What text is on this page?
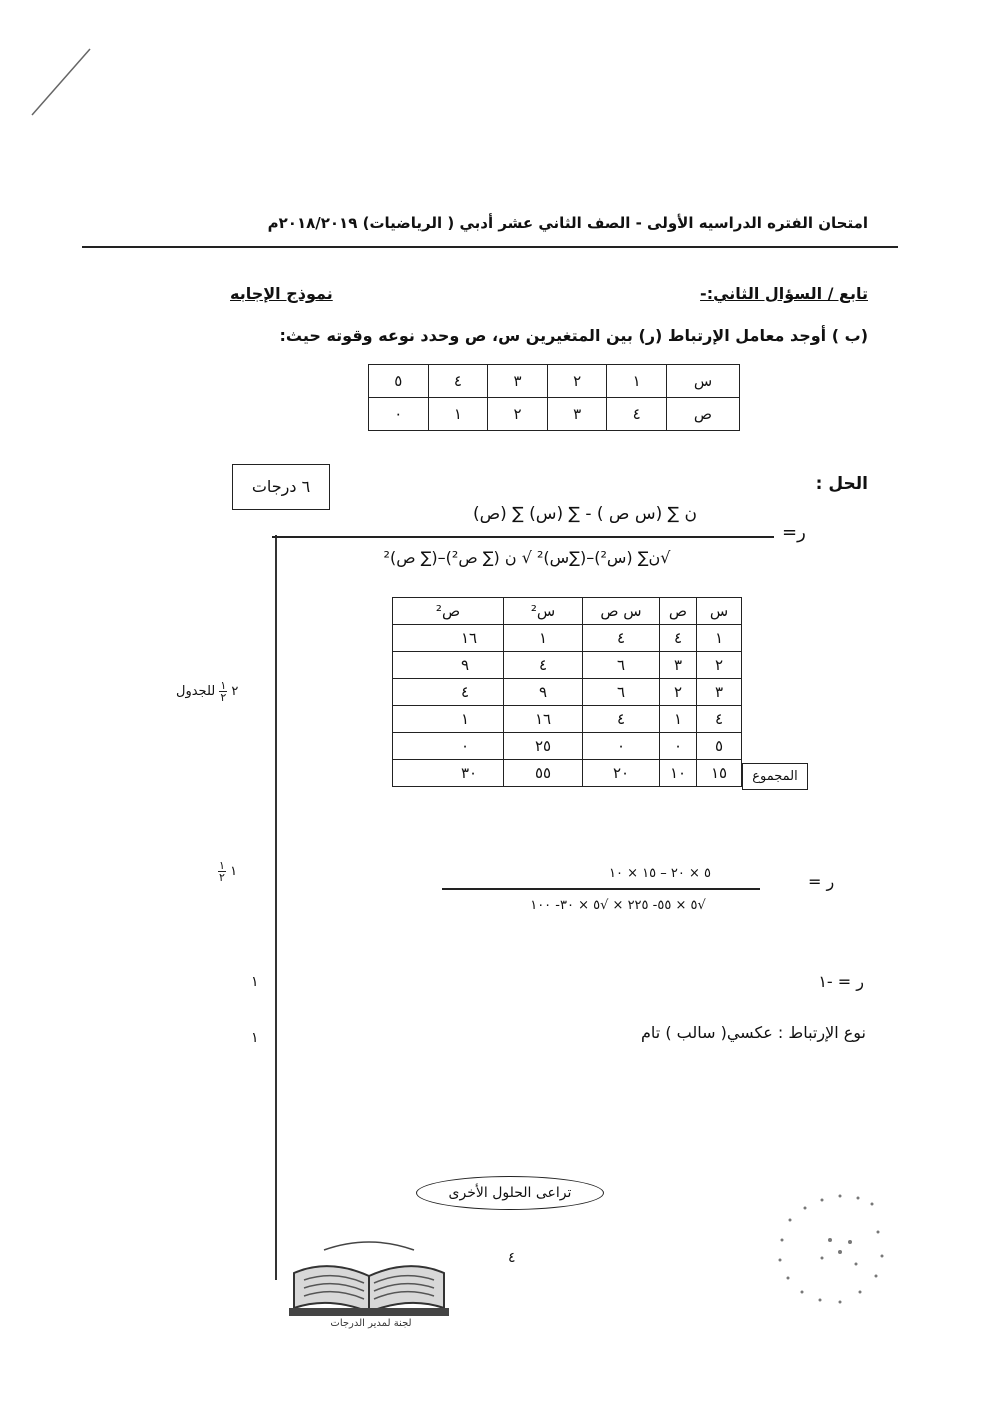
امتحان الفتره الدراسيه الأولى - الصف الثاني عشر أدبي ( الرياضيات) ٢٠١٨/٢٠١٩م
تابع / السؤال الثاني:-
نموذج الإجابه
(ب ) أوجد معامل الإرتباط (ر) بين المتغيرين س، ص وحدد نوعه وقوته حيث:
س	١	٢	٣	٤	٥
ص	٤	٣	٢	١	٠
الحل :
٦ درجات
ر=
ن ∑ (س ص ) - ∑ (س) ∑ (ص)
√ن∑ (س²)–(∑س)² √ ن (∑ ص²)–(∑ ص)²
س	ص	س ص	س²	ص²
١	٤	٤	١	١٦
٢	٣	٦	٤	٩
٣	٢	٦	٩	٤
٤	١	٤	١٦	١
٥	٠	٠	٢٥	٠
١٥	١٠	٢٠	٥٥	٣٠	المجموع
٢
$\frac{١}{٢}$
للجدول
ر =
٥ × ٢٠ – ١٥ × ١٠
√٥ × ٥٥- ٢٢٥ × √٥ × ٣٠- ١٠٠
١
$\frac{١}{٢}$
ر = -١
١
نوع الإرتباط : عكسي( سالب ) تام
١
تراعى الحلول الأخرى
٤
لجنة لمدير الدرجات
